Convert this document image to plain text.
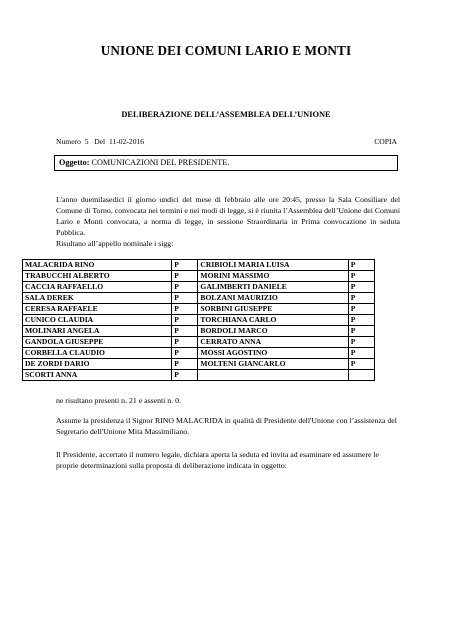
UNIONE DEI COMUNI LARIO E MONTI
DELIBERAZIONE DELL’ASSEMBLEA DELL’UNIONE
Numero 5 Del 11-02-2016	COPIA
Oggetto: COMUNICAZIONI DEL PRESIDENTE.
L'anno duemilasedici il giorno undici del mese di febbraio alle ore 20:45, presso la Sala Consiliare del Comune di Torno, convocata nei termini e nei modi di legge, si è riunita l’Assemblea dell’Unione dei Comuni Lario e Monti convocata, a norma di legge, in sessione Straordinaria in Prima convocazione in seduta Pubblica.
Risultano all’appello nominale i sigg:
MALACRIDA RINO	P	CRIBIOLI MARIA LUISA	P
TRABUCCHI ALBERTO	P	MORINI MASSIMO	P
CACCIA RAFFAELLO	P	GALIMBERTI DANIELE	P
SALA DEREK	P	BOLZANI MAURIZIO	P
CERESA RAFFAELE	P	SORBINI GIUSEPPE	P
CUNICO CLAUDIA	P	TORCHIANA CARLO	P
MOLINARI ANGELA	P	BORDOLI MARCO	P
GANDOLA GIUSEPPE	P	CERRATO ANNA	P
CORBELLA CLAUDIO	P	MOSSI AGOSTINO	P
DE ZORDI DARIO	P	MOLTENI GIANCARLO	P
SCORTI ANNA	P		
ne risultano presenti n. 21 e assenti n. 0.
Assume la presidenza il Signor RINO MALACRIDA in qualità di Presidente dell'Unione con l’assistenza del Segretario dell'Unione Mita Massimiliano.
Il Presidente, accertato il numero legale, dichiara aperta la seduta ed invita ad esaminare ed assumere le proprie determinazioni sulla proposta di deliberazione indicata in oggetto:
